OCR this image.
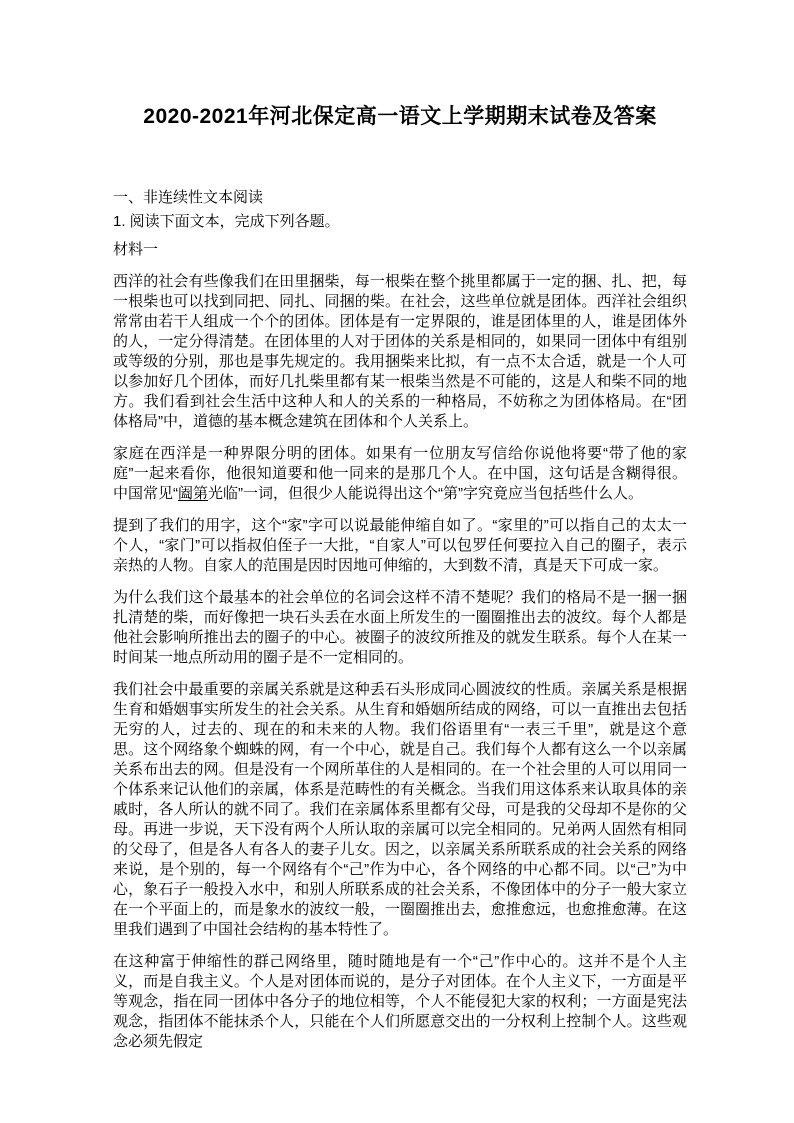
2020-2021年河北保定高一语文上学期期末试卷及答案

一、非连续性文本阅读

1. 阅读下面文本，完成下列各题。

材料一

西洋的社会有些像我们在田里捆柴，每一根柴在整个挑里都属于一定的捆、扎、把，每一根柴也可以找到同把、同扎、同捆的柴。在社会，这些单位就是团体。西洋社会组织常常由若干人组成一个个的团体。团体是有一定界限的，谁是团体里的人，谁是团体外的人，一定分得清楚。在团体里的人对于团体的关系是相同的，如果同一团体中有组别或等级的分别，那也是事先规定的。我用捆柴来比拟，有一点不太合适，就是一个人可以参加好几个团体，而好几扎柴里都有某一根柴当然是不可能的，这是人和柴不同的地方。我们看到社会生活中这种人和人的关系的一种格局，不妨称之为团体格局。在“团体格局”中，道德的基本概念建筑在团体和个人关系上。

家庭在西洋是一种界限分明的团体。如果有一位朋友写信给你说他将要“带了他的家庭”一起来看你，他很知道要和他一同来的是那几个人。在中国，这句话是含糊得很。中国常见“阖第光临”一词，但很少人能说得出这个“第”字究竟应当包括些什么人。

提到了我们的用字，这个“家”字可以说最能伸缩自如了。“家里的”可以指自己的太太一个人，“家门”可以指叔伯侄子一大批，“自家人”可以包罗任何要拉入自己的圈子，表示亲热的人物。自家人的范围是因时因地可伸缩的，大到数不清，真是天下可成一家。

为什么我们这个最基本的社会单位的名词会这样不清不楚呢？我们的格局不是一捆一捆扎清楚的柴，而好像把一块石头丢在水面上所发生的一圈圈推出去的波纹。每个人都是他社会影响所推出去的圈子的中心。被圈子的波纹所推及的就发生联系。每个人在某一时间某一地点所动用的圈子是不一定相同的。

我们社会中最重要的亲属关系就是这种丢石头形成同心圆波纹的性质。亲属关系是根据生育和婚姻事实所发生的社会关系。从生育和婚姻所结成的网络，可以一直推出去包括无穷的人，过去的、现在的和未来的人物。我们俗语里有“一表三千里”，就是这个意思。这个网络象个蜘蛛的网，有一个中心，就是自己。我们每个人都有这么一个以亲属关系布出去的网。但是没有一个网所革住的人是相同的。在一个社会里的人可以用同一个体系来记认他们的亲属，体系是范畴性的有关概念。当我们用这体系来认取具体的亲戚时，各人所认的就不同了。我们在亲属体系里都有父母，可是我的父母却不是你的父母。再进一步说，天下没有两个人所认取的亲属可以完全相同的。兄弟两人固然有相同的父母了，但是各人有各人的妻子儿女。因之，以亲属关系所联系成的社会关系的网络来说，是个别的，每一个网络有个“己”作为中心，各个网络的中心都不同。以“己”为中心，象石子一般投入水中，和别人所联系成的社会关系，不像团体中的分子一般大家立在一个平面上的，而是象水的波纹一般，一圈圈推出去，愈推愈远，也愈推愈薄。在这里我们遇到了中国社会结构的基本特性了。

在这种富于伸缩性的群己网络里，随时随地是有一个“己”作中心的。这并不是个人主义，而是自我主义。个人是对团体而说的，是分子对团体。在个人主义下，一方面是平等观念，指在同一团体中各分子的地位相等，个人不能侵犯大家的权利；一方面是宪法观念，指团体不能抹杀个人，只能在个人们所愿意交出的一分权利上控制个人。这些观念必须先假定
